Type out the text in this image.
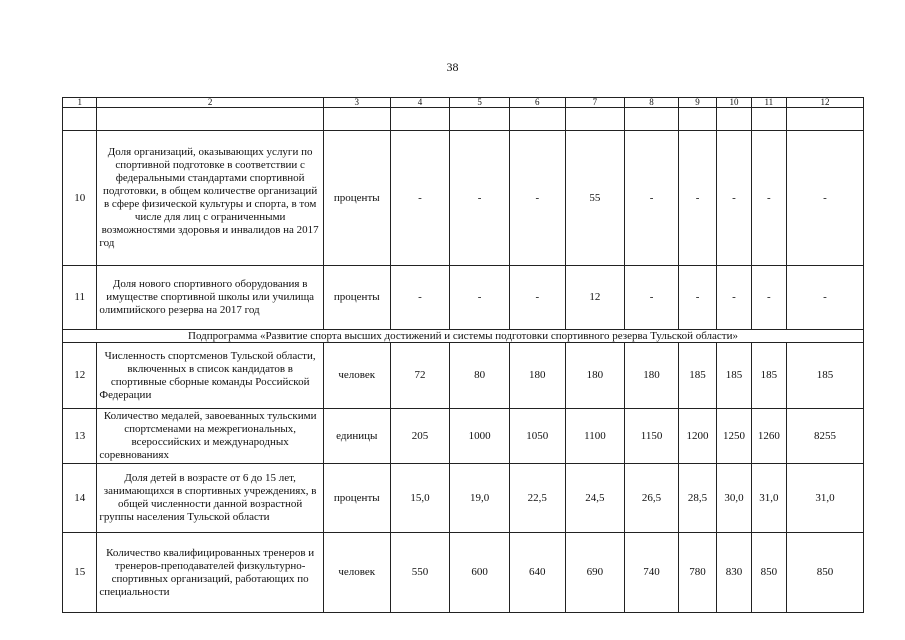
38
1	2	3	4	5	6	7	8	9	10	11	12

10	Доля организаций, оказывающих услуги по спортивной подготовке в соответствии с федеральными стандартами спортивной подготовки, в общем количестве организаций в сфере физической культуры и спорта, в том числе для лиц с ограниченными возможностями здоровья и инвалидов на 2017 год	проценты	-	-	-	55	-	-	-	-	-
11	Доля нового спортивного оборудования в имуществе спортивной школы или училища олимпийского резерва на 2017 год	проценты	-	-	-	12	-	-	-	-	-
Подпрограмма «Развитие спорта высших достижений и системы подготовки спортивного резерва Тульской области»											
12	Численность спортсменов Тульской области, включенных в список кандидатов в спортивные сборные команды Российской Федерации	человек	72	80	180	180	180	185	185	185	185
13	Количество медалей, завоеванных тульскими спортсменами на межрегиональных, всероссийских и международных соревнованиях	единицы	205	1000	1050	1100	1150	1200	1250	1260	8255
14	Доля детей в возрасте от 6 до 15 лет, занимающихся в спортивных учреждениях, в общей численности данной возрастной группы населения Тульской области	проценты	15,0	19,0	22,5	24,5	26,5	28,5	30,0	31,0	31,0
15	Количество квалифицированных тренеров и тренеров-преподавателей физкультурно-спортивных организаций, работающих по специальности	человек	550	600	640	690	740	780	830	850	850
